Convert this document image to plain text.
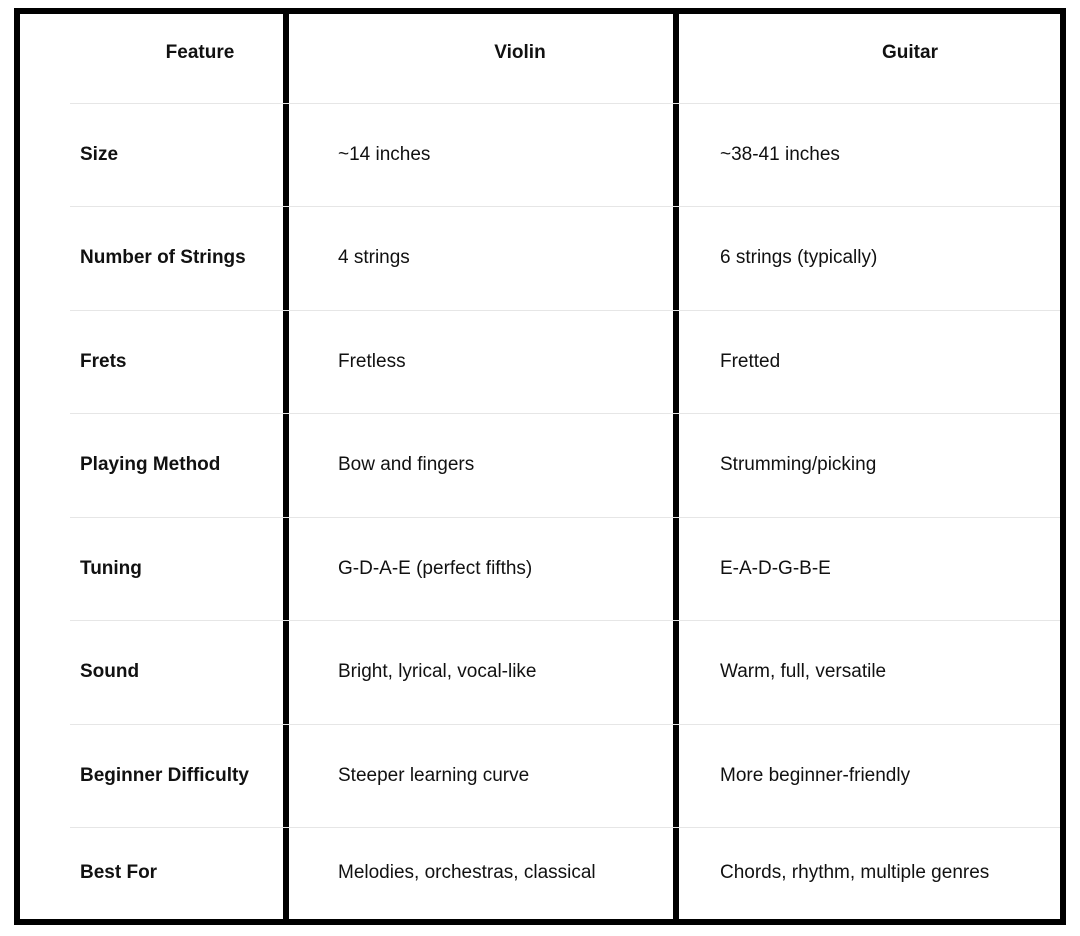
Feature	Violin	Guitar
Size	~14 inches	~38-41 inches
Number of Strings	4 strings	6 strings (typically)
Frets	Fretless	Fretted
Playing Method	Bow and fingers	Strumming/picking
Tuning	G-D-A-E (perfect fifths)	E-A-D-G-B-E
Sound	Bright, lyrical, vocal-like	Warm, full, versatile
Beginner Difficulty	Steeper learning curve	More beginner-friendly
Best For	Melodies, orchestras, classical	Chords, rhythm, multiple genres
